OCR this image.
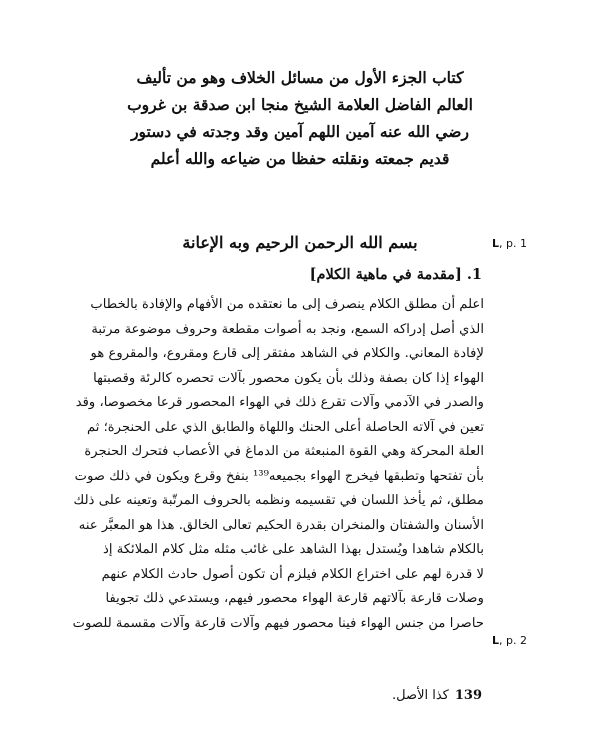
كتاب الجزء الأول من مسائل الخلاف وهو من تأليف
العالم الفاضل العلامة الشيخ منجا ابن صدقة بن غروب
رضي الله عنه آمين اللهم آمين وقد وجدته في دستور
قديم جمعته ونقلته حفظا من ضياعه والله أعلم
بسم الله الرحمن الرحيم وبه الإعانة	L, p. 1
1. [مقدمة في ماهية الكلام]
اعلم أن مطلق الكلام ينصرف إلى ما نعتقده من الأفهام والإفادة بالخطاب
الذي أصل إدراكه السمع، ونجد به أصوات مقطعة وحروف موضوعة مرتبة
لإفادة المعاني. والكلام في الشاهد مفتقر إلى قارع ومقروع، والمقروع هو
الهواء إذا كان بصفة وذلك بأن يكون محصور بآلات تحصره كالرئة وقصبتها
والصدر في الآدمي وآلات تقرع ذلك في الهواء المحصور قرعا مخصوصا، وقد
تعين في آلاته الحاصلة أعلى الحنك واللهاة والطابق الذي على الحنجرة؛ ثم
العلة المحركة وهي القوة المنبعثة من الدماغ في الأعصاب فتحرك الحنجرة
بأن تفتحها وتطبقها فيخرج الهواء بجميعه¹³⁹ بنفخ وقرع ويكون في ذلك صوت
مطلق، ثم يأخذ اللسان في تقسيمه ونظمه بالحروف المرتّبة وتعينه على ذلك
الأسنان والشفتان والمنخران بقدرة الحكيم تعالى الخالق. هذا هو المعبَّر عنه
بالكلام شاهدا ويُستدل بهذا الشاهد على غائب مثله مثل كلام الملائكة إذ
لا قدرة لهم على اختراع الكلام فيلزم أن تكون أصول حادث الكلام عنهم
وصلات قارعة بآلاتهم قارعة الهواء محصور فيهم، ويستدعي ذلك تجويفا
حاصرا من جنس الهواء فينا محصور فيهم وآلات قارعة وآلات مقسمة للصوت
L, p. 2
139كذا الأصل.
